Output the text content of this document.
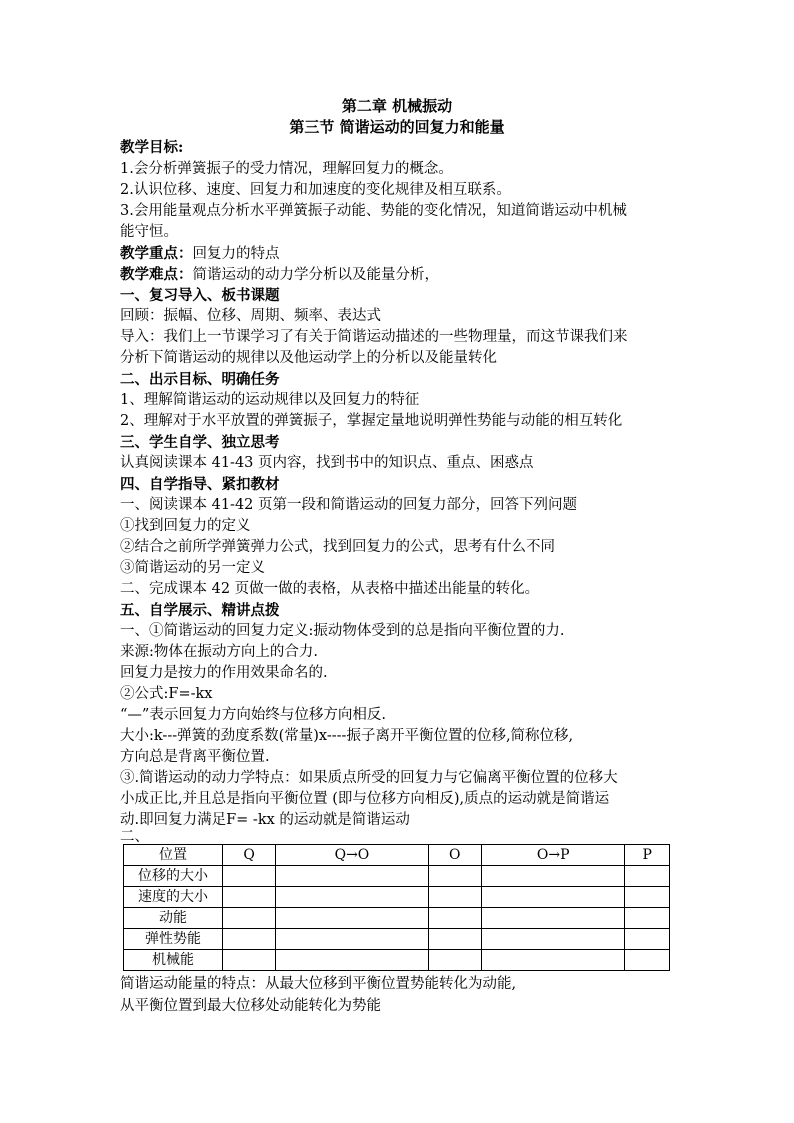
第二章 机械振动
第三节 简谐运动的回复力和能量
教学目标:
1.会分析弹簧振子的受力情况，理解回复力的概念。
2.认识位移、速度、回复力和加速度的变化规律及相互联系。
3.会用能量观点分析水平弹簧振子动能、势能的变化情况，知道简谐运动中机械
能守恒。
教学重点：回复力的特点
教学难点：简谐运动的动力学分析以及能量分析，
一、复习导入、板书课题
回顾：振幅、位移、周期、频率、表达式
导入：我们上一节课学习了有关于简谐运动描述的一些物理量，而这节课我们来
分析下简谐运动的规律以及他运动学上的分析以及能量转化
二、出示目标、明确任务
1、理解简谐运动的运动规律以及回复力的特征
2、理解对于水平放置的弹簧振子，掌握定量地说明弹性势能与动能的相互转化
三、学生自学、独立思考
认真阅读课本 41-43 页内容，找到书中的知识点、重点、困惑点
四、自学指导、紧扣教材
一、阅读课本 41-42 页第一段和简谐运动的回复力部分，回答下列问题
①找到回复力的定义
②结合之前所学弹簧弹力公式，找到回复力的公式，思考有什么不同
③简谐运动的另一定义
二、完成课本 42 页做一做的表格，从表格中描述出能量的转化。
五、自学展示、精讲点拨
一、①简谐运动的回复力定义:振动物体受到的总是指向平衡位置的力.
来源:物体在振动方向上的合力.
回复力是按力的作用效果命名的.
②公式:F=-kx
“—”表示回复力方向始终与位移方向相反.
大小:k---弹簧的劲度系数(常量)x----振子离开平衡位置的位移,简称位移,
方向总是背离平衡位置.
③.简谐运动的动力学特点：如果质点所受的回复力与它偏离平衡位置的位移大
小成正比,并且总是指向平衡位置 (即与位移方向相反),质点的运动就是简谐运
动.即回复力满足F= -kx 的运动就是简谐运动
二、
位置	Q	Q→O	O	O→P	P
位移的大小					
速度的大小					
动能					
弹性势能					
机械能					
简谐运动能量的特点：从最大位移到平衡位置势能转化为动能,
从平衡位置到最大位移处动能转化为势能
